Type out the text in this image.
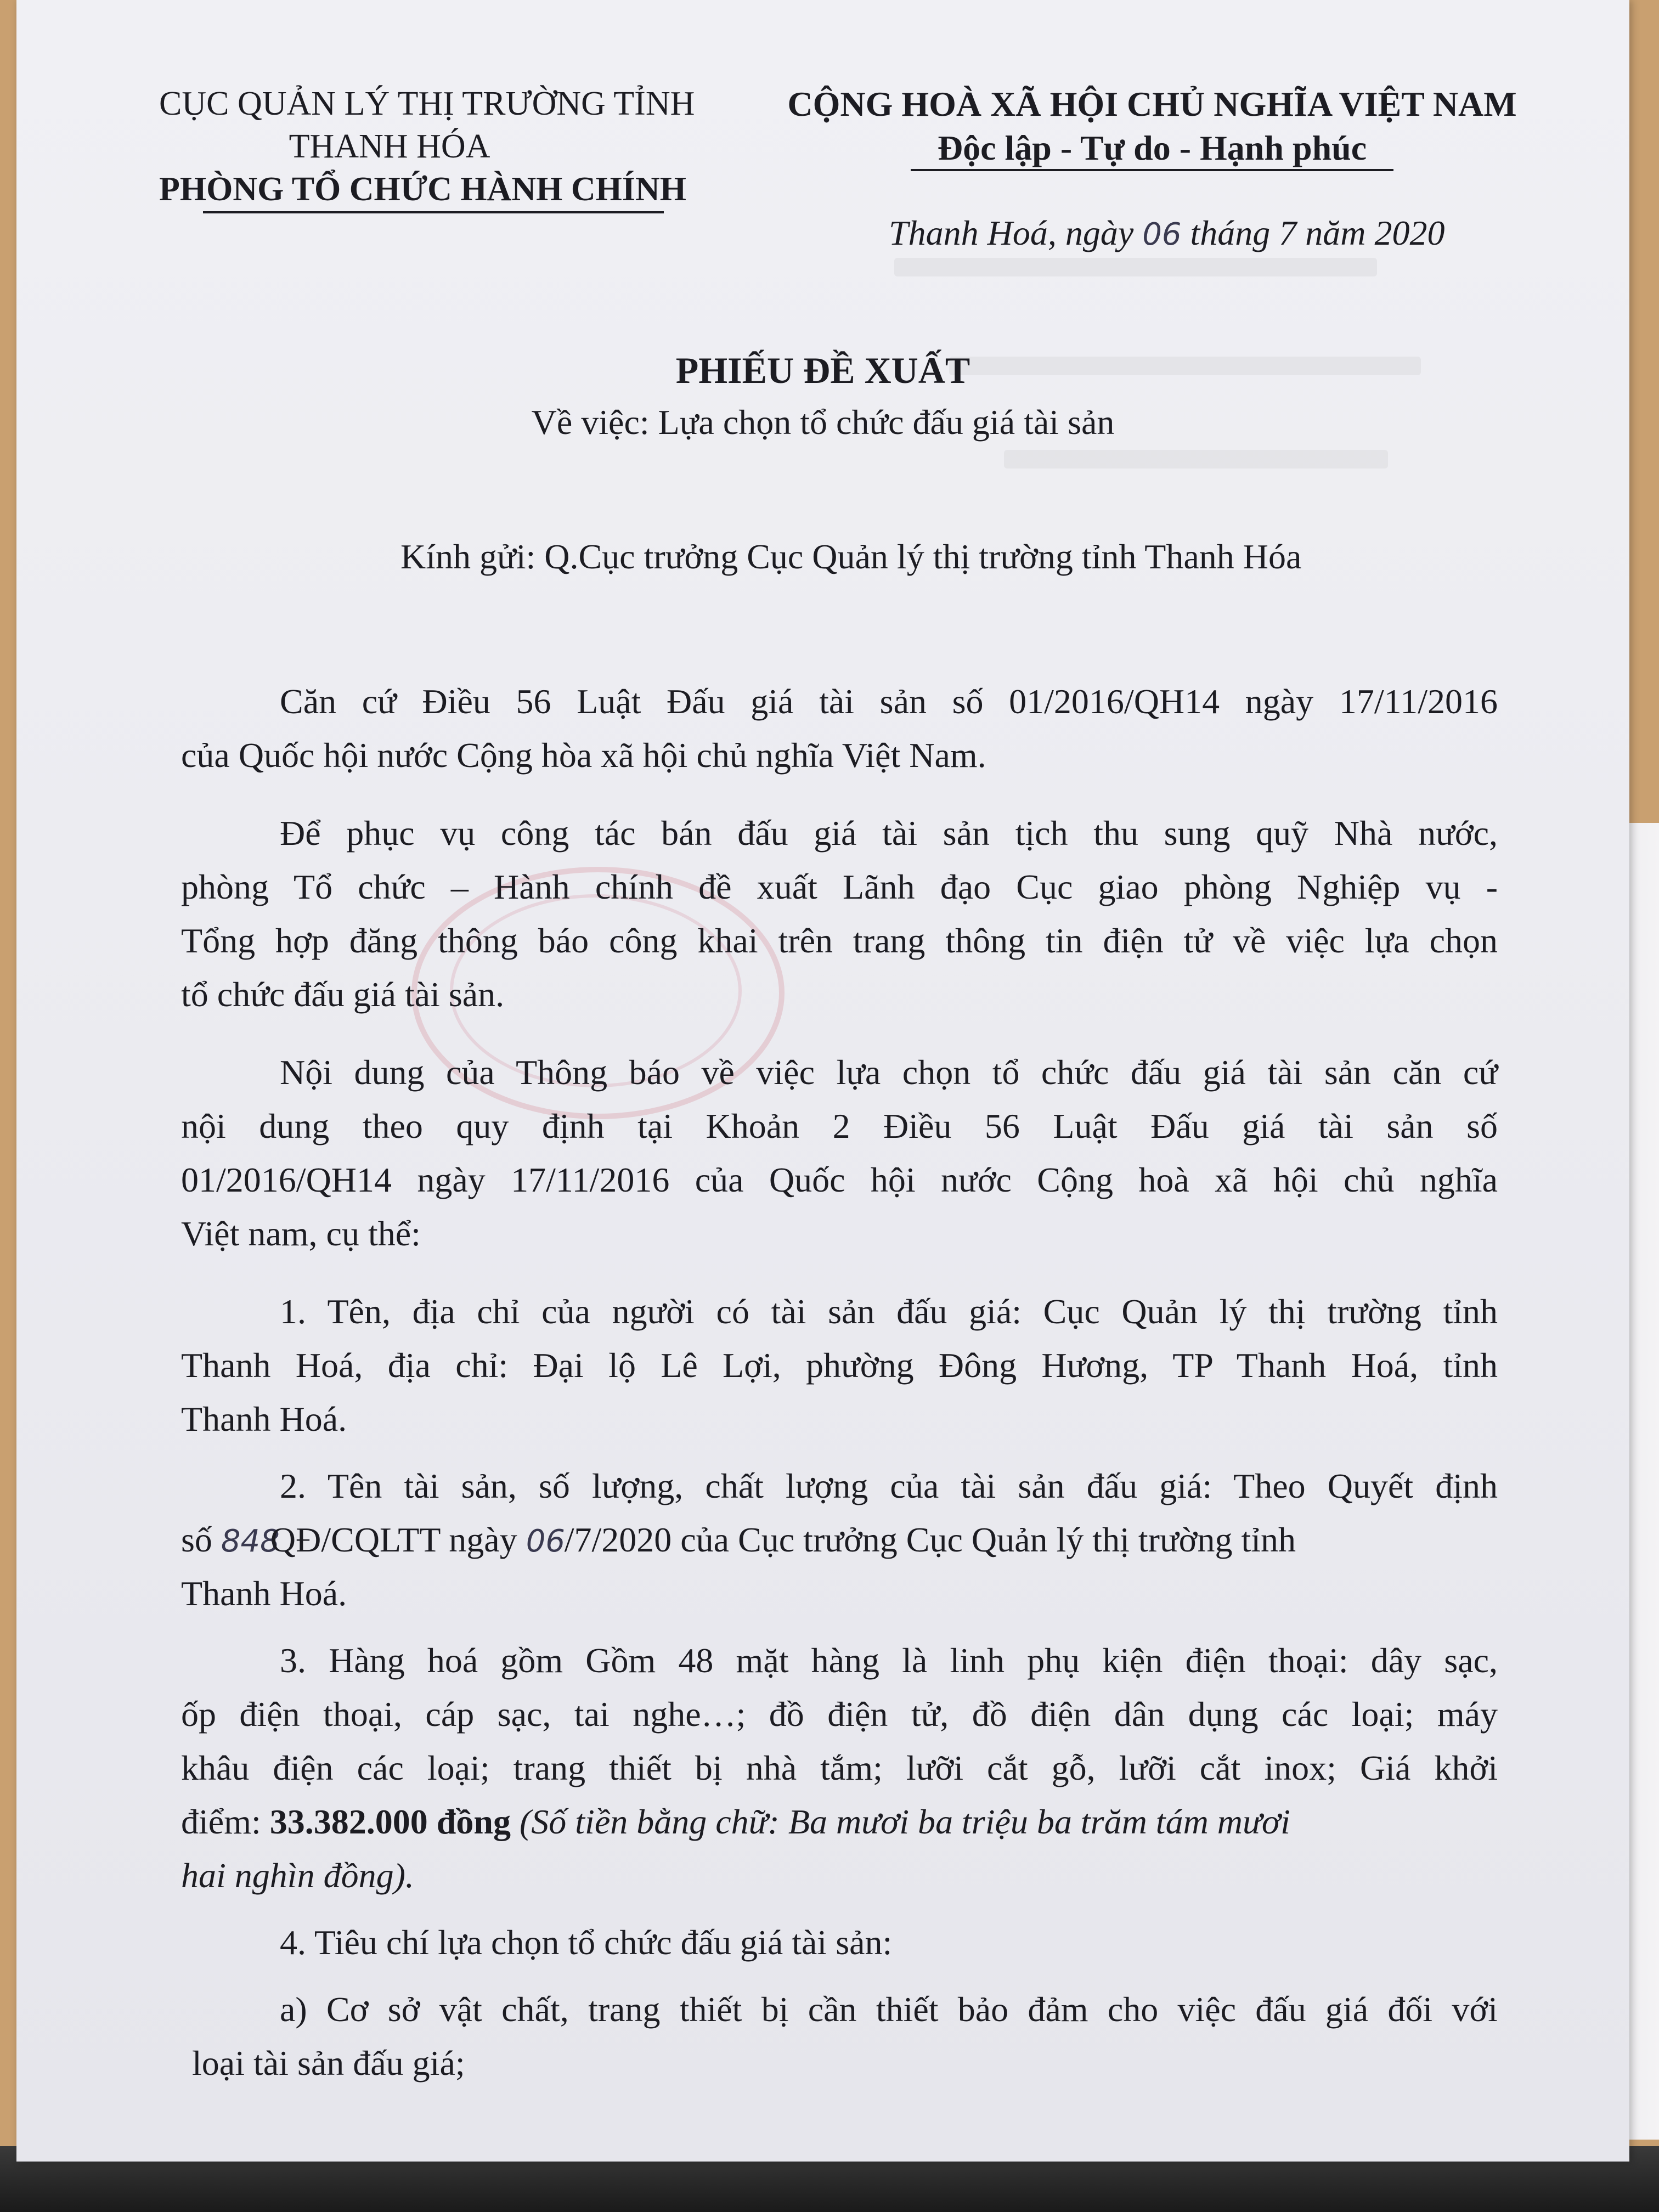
CỤC QUẢN LÝ THỊ TRƯỜNG TỈNH
THANH HÓA
PHÒNG TỔ CHỨC HÀNH CHÍNH
CỘNG HOÀ XÃ HỘI CHỦ NGHĨA VIỆT NAM
Độc lập - Tự do - Hạnh phúc
Thanh Hoá, ngày 06 tháng 7 năm 2020
PHIẾU ĐỀ XUẤT
Về việc: Lựa chọn tổ chức đấu giá tài sản
Kính gửi: Q.Cục trưởng Cục Quản lý thị trường tỉnh Thanh Hóa
Căn cứ Điều 56 Luật Đấu giá tài sản số 01/2016/QH14 ngày 17/11/2016
của Quốc hội nước Cộng hòa xã hội chủ nghĩa Việt Nam.
Để phục vụ công tác bán đấu giá tài sản tịch thu sung quỹ Nhà nước,
phòng Tổ chức – Hành chính đề xuất Lãnh đạo Cục giao phòng Nghiệp vụ -
Tổng hợp đăng thông báo công khai trên trang thông tin điện tử về việc lựa chọn
tổ chức đấu giá tài sản.
Nội dung của Thông báo về việc lựa chọn tổ chức đấu giá tài sản căn cứ
nội dung theo quy định tại Khoản 2 Điều 56 Luật Đấu giá tài sản số
01/2016/QH14 ngày 17/11/2016 của Quốc hội nước Cộng hoà xã hội chủ nghĩa
Việt nam, cụ thể:
1. Tên, địa chỉ của người có tài sản đấu giá: Cục Quản lý thị trường tỉnh
Thanh Hoá, địa chỉ: Đại lộ Lê Lợi, phường Đông Hương, TP Thanh Hoá, tỉnh
Thanh Hoá.
2. Tên tài sản, số lượng, chất lượng của tài sản đấu giá: Theo Quyết định
số 848QĐ/CQLTT ngày 06/7/2020 của Cục trưởng Cục Quản lý thị trường tỉnh
Thanh Hoá.
3. Hàng hoá gồm Gồm 48 mặt hàng là linh phụ kiện điện thoại: dây sạc,
ốp điện thoại, cáp sạc, tai nghe…; đồ điện tử, đồ điện dân dụng các loại; máy
khâu điện các loại; trang thiết bị nhà tắm; lưỡi cắt gỗ, lưỡi cắt inox; Giá khởi
điểm: 33.382.000 đồng (Số tiền bằng chữ: Ba mươi ba triệu ba trăm tám mươi
hai nghìn đồng).
4. Tiêu chí lựa chọn tổ chức đấu giá tài sản:
a) Cơ sở vật chất, trang thiết bị cần thiết bảo đảm cho việc đấu giá đối với
loại tài sản đấu giá;
